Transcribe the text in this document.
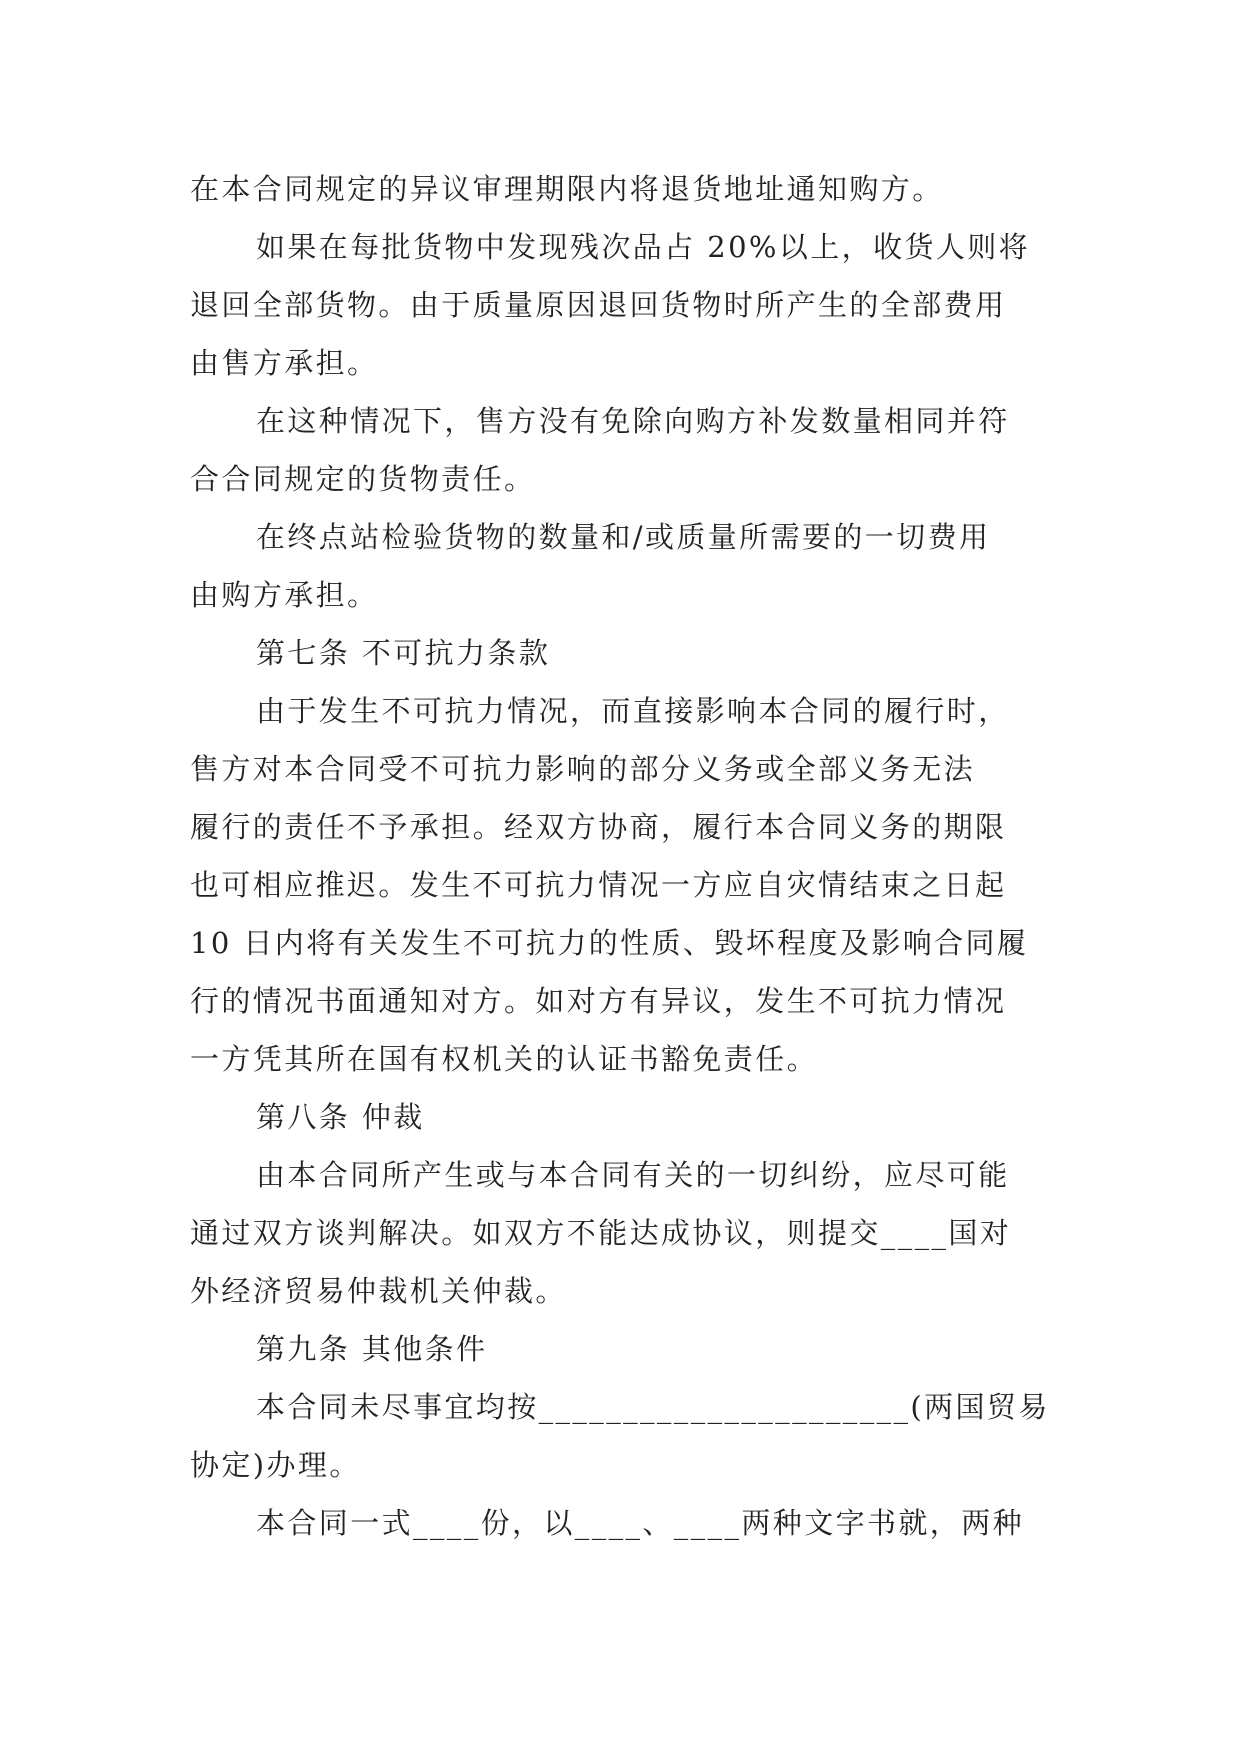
在本合同规定的异议审理期限内将退货地址通知购方。
如果在每批货物中发现残次品占 20%以上，收货人则将
退回全部货物。由于质量原因退回货物时所产生的全部费用
由售方承担。
在这种情况下，售方没有免除向购方补发数量相同并符
合合同规定的货物责任。
在终点站检验货物的数量和/或质量所需要的一切费用
由购方承担。
第七条 不可抗力条款
由于发生不可抗力情况，而直接影响本合同的履行时，
售方对本合同受不可抗力影响的部分义务或全部义务无法
履行的责任不予承担。经双方协商，履行本合同义务的期限
也可相应推迟。发生不可抗力情况一方应自灾情结束之日起
10 日内将有关发生不可抗力的性质、毁坏程度及影响合同履
行的情况书面通知对方。如对方有异议，发生不可抗力情况
一方凭其所在国有权机关的认证书豁免责任。
第八条 仲裁
由本合同所产生或与本合同有关的一切纠纷，应尽可能
通过双方谈判解决。如双方不能达成协议，则提交____国对
外经济贸易仲裁机关仲裁。
第九条 其他条件
本合同未尽事宜均按______________________(两国贸易
协定)办理。
本合同一式____份，以____、____两种文字书就，两种
